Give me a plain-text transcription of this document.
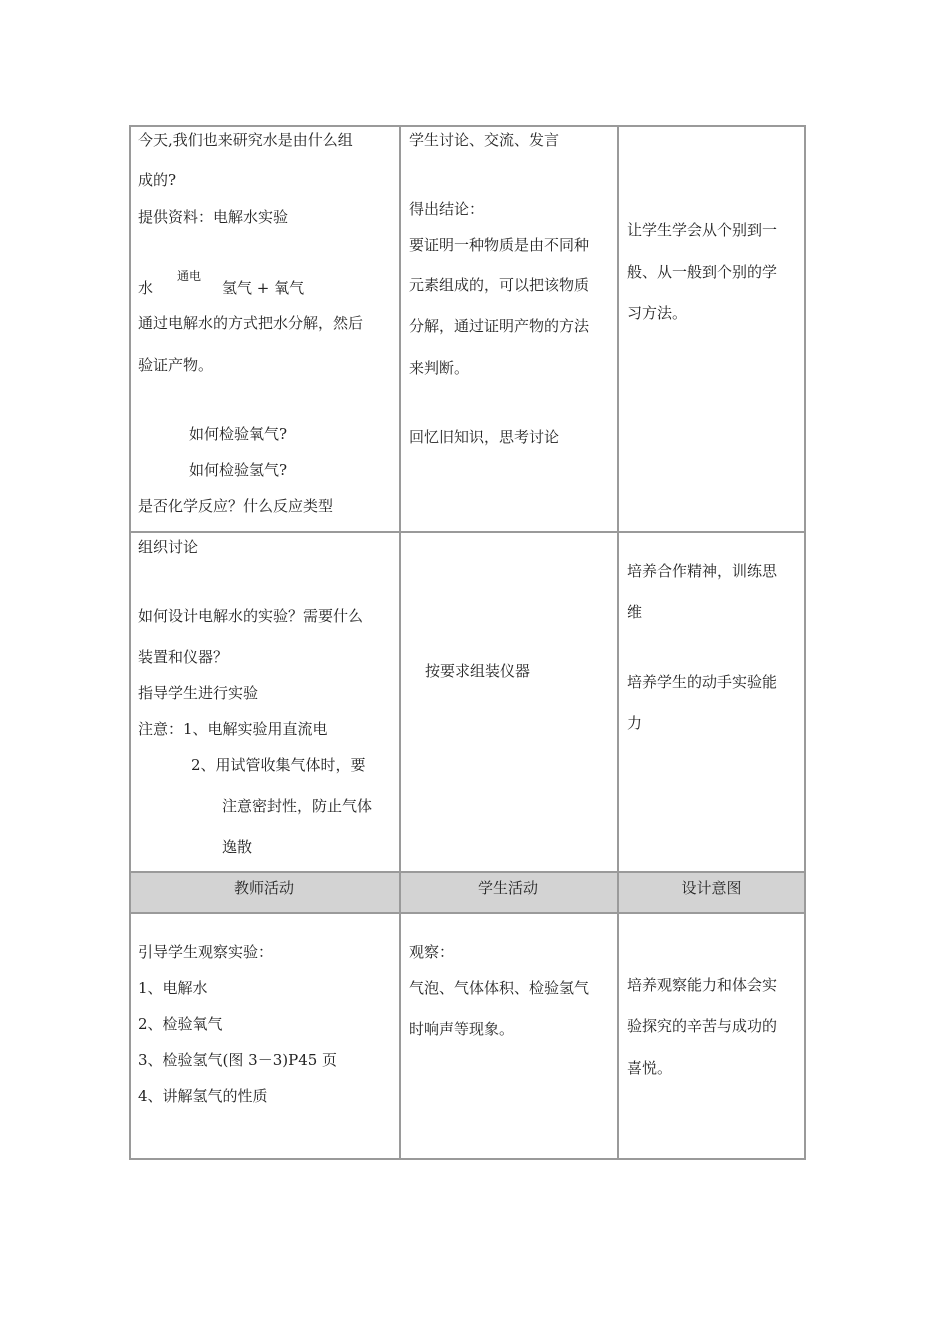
今天,我们也来研究水是由什么组
成的?
提供资料：电解水实验
水
通电
氢气 + 氧气
通过电解水的方式把水分解，然后
验证产物。
如何检验氧气?
如何检验氢气?
是否化学反应？什么反应类型
学生讨论、交流、发言
得出结论：
要证明一种物质是由不同种
元素组成的，可以把该物质
分解，通过证明产物的方法
来判断。
回忆旧知识，思考讨论
让学生学会从个别到一
般、从一般到个别的学
习方法。
组织讨论
如何设计电解水的实验？需要什么
装置和仪器？
指导学生进行实验
注意：1、电解实验用直流电
2、用试管收集气体时，要
注意密封性，防止气体
逸散
按要求组装仪器
培养合作精神，训练思
维
培养学生的动手实验能
力
教师活动	学生活动	设计意图
引导学生观察实验：
1、电解水
2、检验氧气
3、检验氢气(图 3－3)P45 页
4、讲解氢气的性质
观察：
气泡、气体体积、检验氢气
时响声等现象。
培养观察能力和体会实
验探究的辛苦与成功的
喜悦。
